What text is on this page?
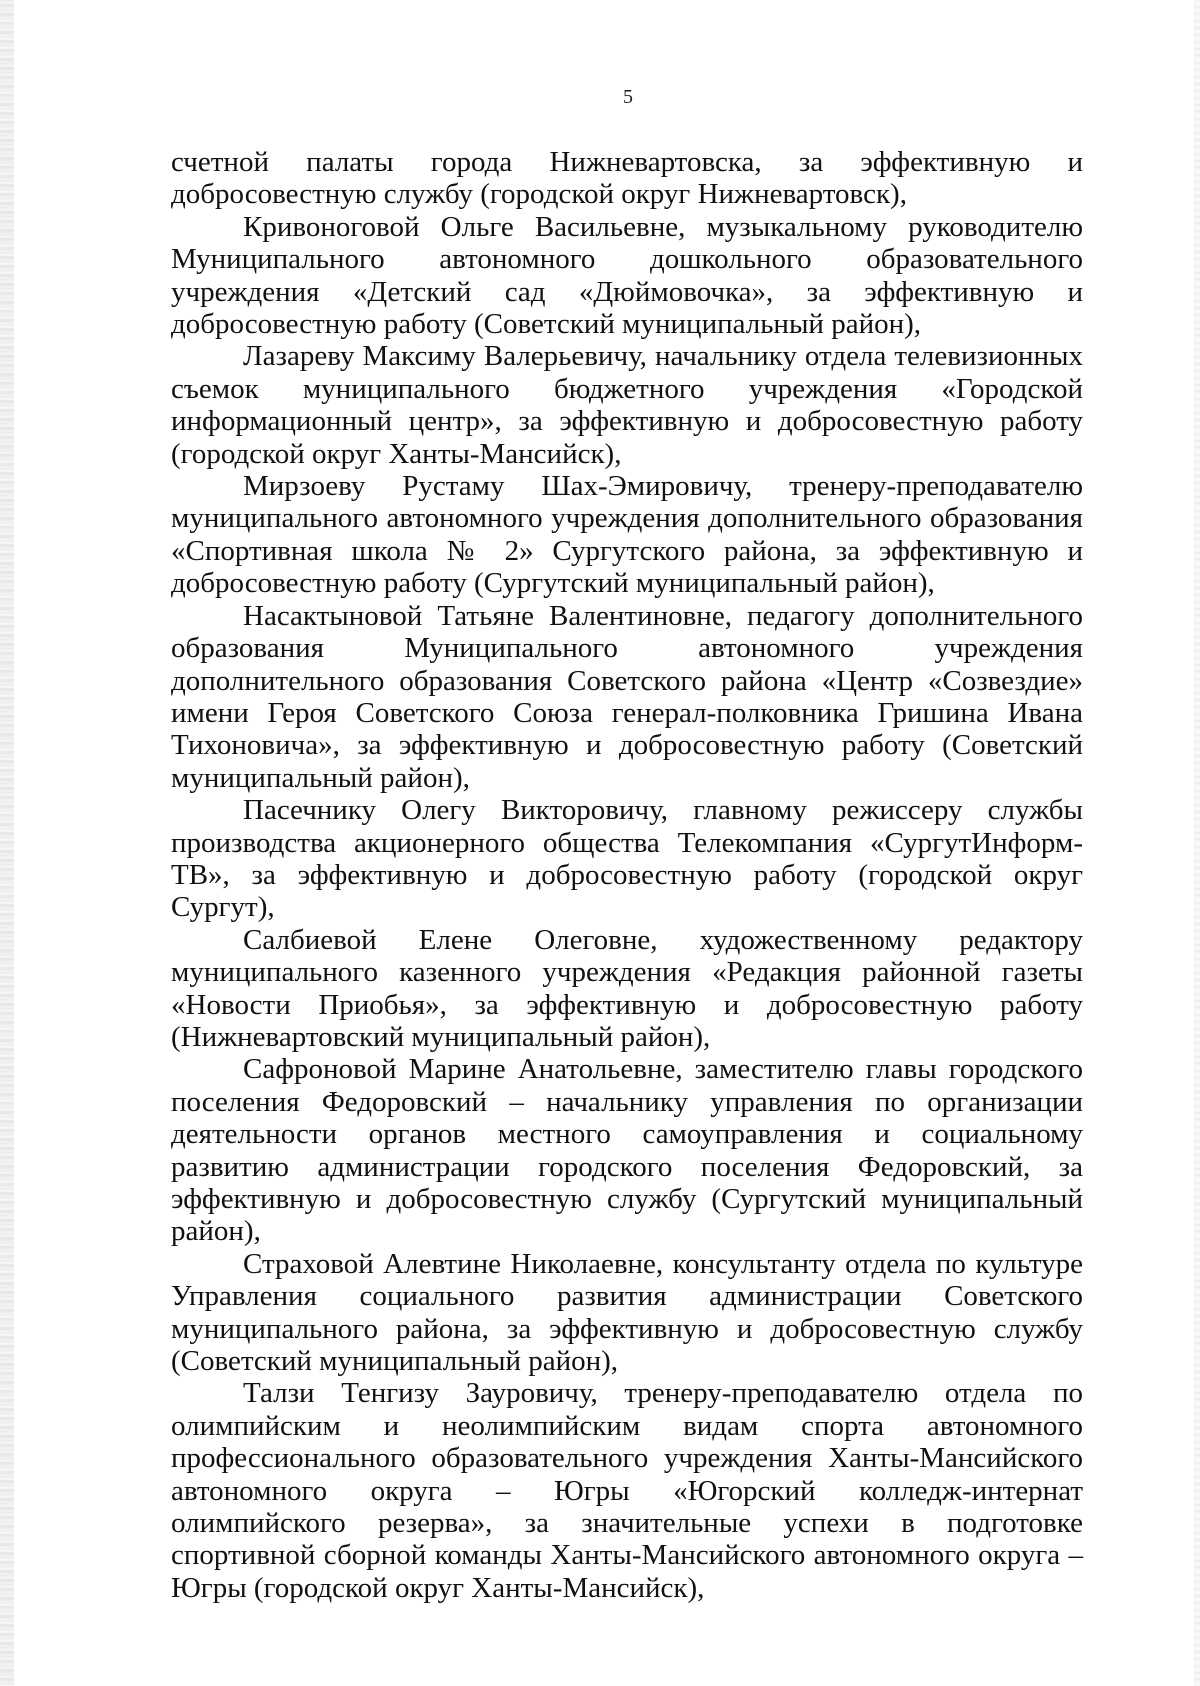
5

счетной палаты города Нижневартовска, за эффективную и добросовестную службу (городской округ Нижневартовск),

Кривоноговой Ольге Васильевне, музыкальному руководителю Муниципального автономного дошкольного образовательного учреждения «Детский сад «Дюймовочка», за эффективную и добросовестную работу (Советский муниципальный район),

Лазареву Максиму Валерьевичу, начальнику отдела телевизионных съемок муниципального бюджетного учреждения «Городской информационный центр», за эффективную и добросовестную работу (городской округ Ханты-Мансийск),

Мирзоеву Рустаму Шах-Эмировичу, тренеру-преподавателю муниципального автономного учреждения дополнительного образования «Спортивная школа № 2» Сургутского района, за эффективную и добросовестную работу (Сургутский муниципальный район),

Насактыновой Татьяне Валентиновне, педагогу дополнительного образования Муниципального автономного учреждения дополнительного образования Советского района «Центр «Созвездие» имени Героя Советского Союза генерал-полковника Гришина Ивана Тихоновича», за эффективную и добросовестную работу (Советский муниципальный район),

Пасечнику Олегу Викторовичу, главному режиссеру службы производства акционерного общества Телекомпания «СургутИнформ-ТВ», за эффективную и добросовестную работу (городской округ Сургут),

Салбиевой Елене Олеговне, художественному редактору муниципального казенного учреждения «Редакция районной газеты «Новости Приобья», за эффективную и добросовестную работу (Нижневартовский муниципальный район),

Сафроновой Марине Анатольевне, заместителю главы городского поселения Федоровский – начальнику управления по организации деятельности органов местного самоуправления и социальному развитию администрации городского поселения Федоровский, за эффективную и добросовестную службу (Сургутский муниципальный район),

Страховой Алевтине Николаевне, консультанту отдела по культуре Управления социального развития администрации Советского муниципального района, за эффективную и добросовестную службу (Советский муниципальный район),

Талзи Тенгизу Зауровичу, тренеру-преподавателю отдела по олимпийским и неолимпийским видам спорта автономного профессионального образовательного учреждения Ханты-Мансийского автономного округа – Югры «Югорский колледж-интернат олимпийского резерва», за значительные успехи в подготовке спортивной сборной команды Ханты-Мансийского автономного округа – Югры (городской округ Ханты-Мансийск),
